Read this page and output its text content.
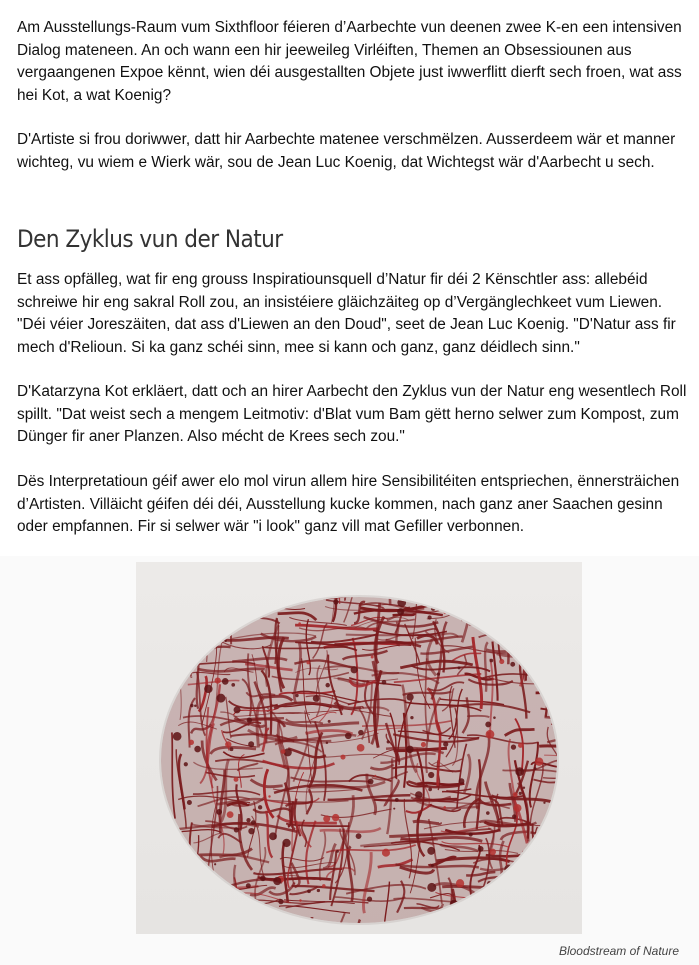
Am Ausstellungs-Raum vum Sixthfloor féieren d’Aarbechte vun deenen zwee K-en een intensiven Dialog mateneen. An och wann een hir jeeweileg Virléiften, Themen an Obsessiounen aus vergaangenen Expoe kënnt, wien déi ausgestallten Objete just iwwerflitt dierft sech froen, wat ass hei Kot, a wat Koenig?

D'Artiste si frou doriwwer, datt hir Aarbechte matenee verschmëlzen. Ausserdeem wär et manner wichteg, vu wiem e Wierk wär, sou de Jean Luc Koenig, dat Wichtegst wär d'Aarbecht u sech.

Den Zyklus vun der Natur

Et ass opfälleg, wat fir eng grouss Inspiratiounsquell d’Natur fir déi 2 Kënschtler ass: allebéid schreiwe hir eng sakral Roll zou, an insistéiere gläichzäiteg op d’Vergänglechkeet vum Liewen. "Déi véier Joreszäiten, dat ass d'Liewen an den Doud", seet de Jean Luc Koenig. "D'Natur ass fir mech d'Relioun. Si ka ganz schéi sinn, mee si kann och ganz, ganz déidlech sinn."

D'Katarzyna Kot erkläert, datt och an hirer Aarbecht den Zyklus vun der Natur eng wesentlech Roll spillt. "Dat weist sech a mengem Leitmotiv: d'Blat vum Bam gëtt herno selwer zum Kompost, zum Dünger fir aner Planzen. Also mécht de Krees sech zou."

Dës Interpretatioun géif awer elo mol virun allem hire Sensibilitéiten entspriechen, ënnersträichen d’Artisten. Villäicht géifen déi déi, Ausstellung kucke kommen, nach ganz aner Saachen gesinn oder empfannen. Fir si selwer wär "i look" ganz vill mat Gefiller verbonnen.

Bloodstream of Nature
